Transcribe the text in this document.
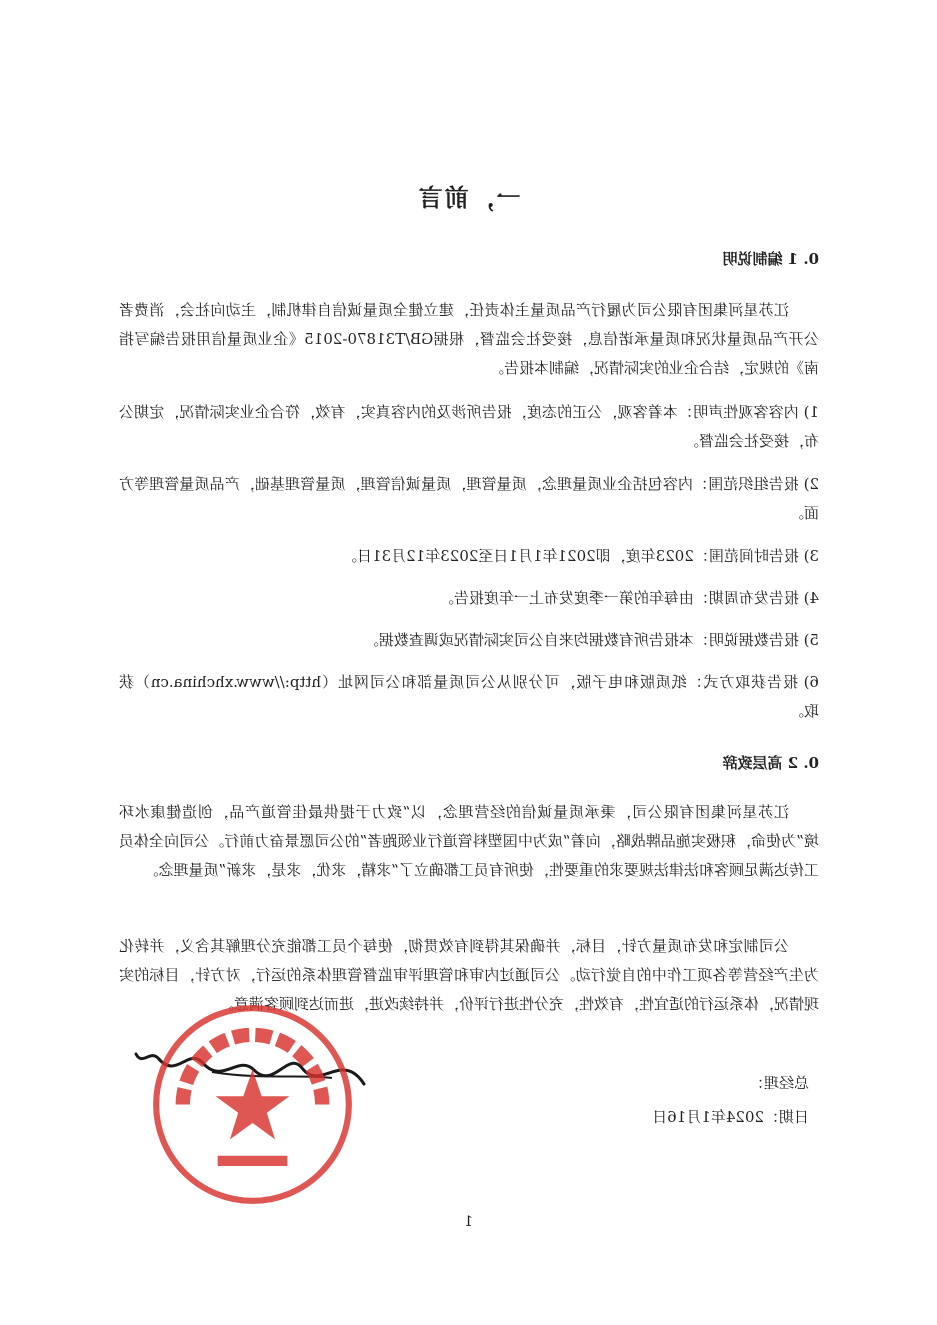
一，前言
0. 1 编制说明
江苏星河集团有限公司为履行产品质量主体责任，建立健全质量诚信自律机制，主动向社会，消费者公开产品质量状况和质量承诺信息，接受社会监督，根据GB/T31870-2015《企业质量信用报告编写指南》的规定，结合企业的实际情况，编制本报告。
1) 内容客观性声明：本着客观，公正的态度，报告所涉及的内容真实，有效，符合企业实际情况，定期公布，接受社会监督。
2) 报告组织范围：内容包括企业质量理念，质量管理，质量诚信管理，质量管理基础，产品质量管理等方面。
3) 报告时间范围：2023年度，即2021年1月1日至2023年12月31日。
4) 报告发布周期：由每年的第一季度发布上一年度报告。
5) 报告数据说明：本报告所有数据均来自公司实际情况或调查数据。
6) 报告获取方式：纸质版和电子版，可分别从公司质量部和公司网址（http://www.xhchina.cn）获取。
0. 2 高层致辞
江苏星河集团有限公司，秉承质量诚信的经营理念，以“致力于提供最佳管道产品，创造健康水环境”为使命，积极实施品牌战略，向着“成为中国塑料管道行业领跑者”的公司愿景奋力前行。公司向全体员工传达满足顾客和法律法规要求的重要性，使所有员工都确立了“求精，求优，求是，求新”质量理念。
公司制定和发布质量方针，目标，并确保其得到有效贯彻，使每个员工都能充分理解其含义，并转化为生产经营等各项工作中的自觉行动。公司通过内审和管理评审监督管理体系的运行，对方针，目标的实现情况，体系运行的适宜性，有效性，充分性进行评价，并持续改进，进而达到顾客满意。
总经理：
日期：2024年1月16日
1
